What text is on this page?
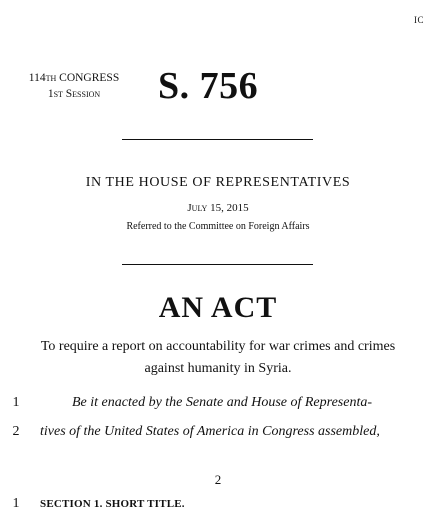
IC
114th CONGRESS
1st Session	S. 756
IN THE HOUSE OF REPRESENTATIVES
July 15, 2015
Referred to the Committee on Foreign Affairs
AN ACT
To require a report on accountability for war crimes and crimes against humanity in Syria.
1	Be it enacted by the Senate and House of Representa-
2	tives of the United States of America in Congress assembled,
2
1	SECTION 1. SHORT TITLE.
